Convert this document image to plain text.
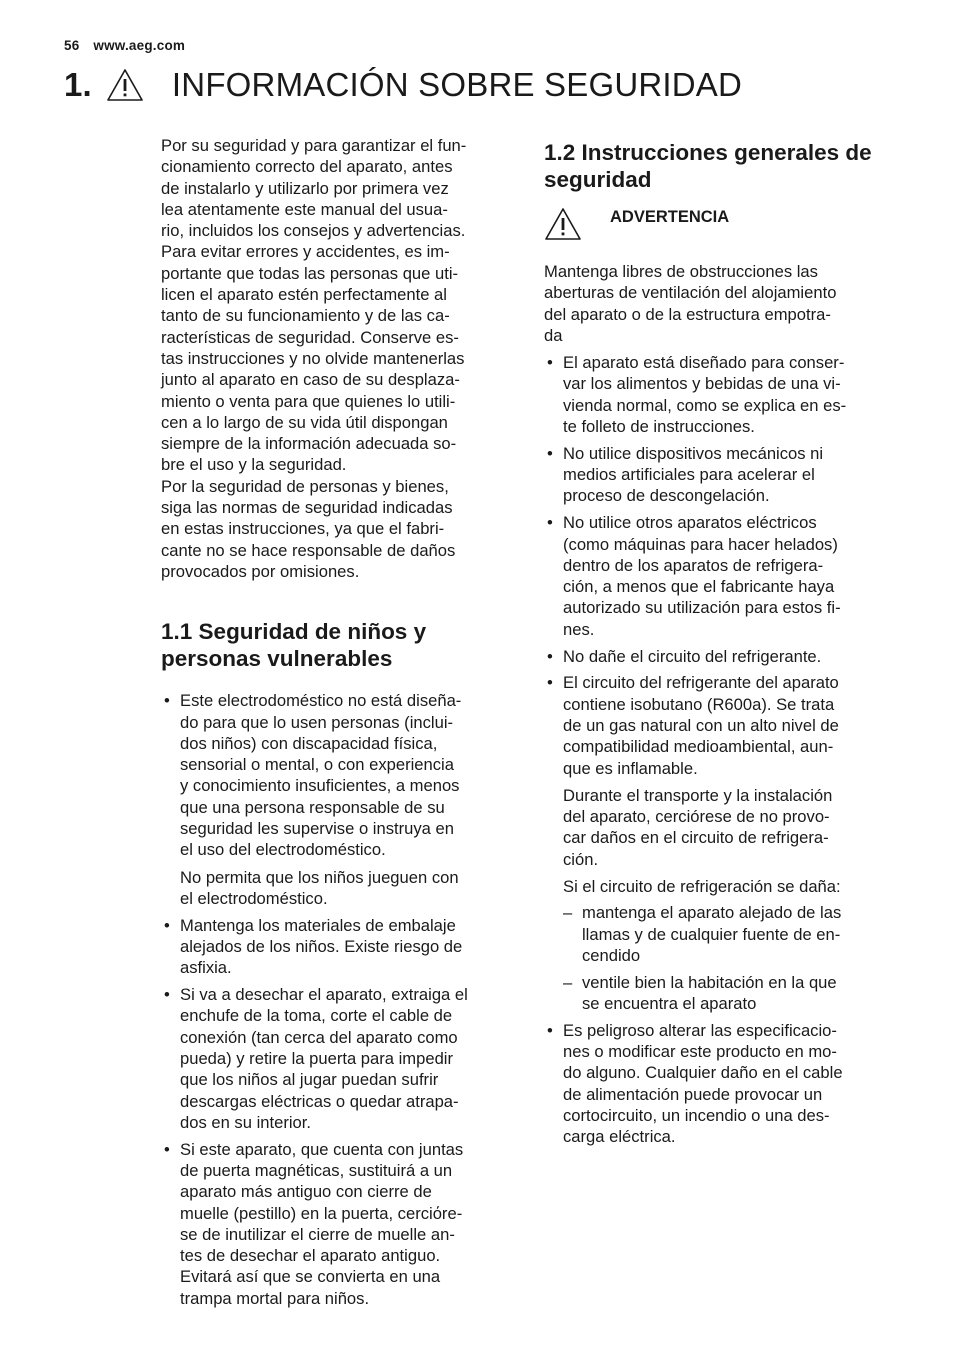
56 www.aeg.com
1. INFORMACIÓN SOBRE SEGURIDAD

Por su seguridad y para garantizar el fun-
cionamiento correcto del aparato, antes
de instalarlo y utilizarlo por primera vez
lea atentamente este manual del usua-
rio, incluidos los consejos y advertencias.
Para evitar errores y accidentes, es im-
portante que todas las personas que uti-
licen el aparato estén perfectamente al
tanto de su funcionamiento y de las ca-
racterísticas de seguridad. Conserve es-
tas instrucciones y no olvide mantenerlas
junto al aparato en caso de su desplaza-
miento o venta para que quienes lo utili-
cen a lo largo de su vida útil dispongan
siempre de la información adecuada so-
bre el uso y la seguridad.

Por la seguridad de personas y bienes,
siga las normas de seguridad indicadas
en estas instrucciones, ya que el fabri-
cante no se hace responsable de daños
provocados por omisiones.

1.1 Seguridad de niños y
personas vulnerables
• Este electrodoméstico no está diseña-
do para que lo usen personas (inclui-
dos niños) con discapacidad física,
sensorial o mental, o con experiencia
y conocimiento insuficientes, a menos
que una persona responsable de su
seguridad les supervise o instruya en
el uso del electrodoméstico.
No permita que los niños jueguen con
el electrodoméstico.
• Mantenga los materiales de embalaje
alejados de los niños. Existe riesgo de
asfixia.
• Si va a desechar el aparato, extraiga el
enchufe de la toma, corte el cable de
conexión (tan cerca del aparato como
pueda) y retire la puerta para impedir
que los niños al jugar puedan sufrir
descargas eléctricas o quedar atrapa-
dos en su interior.
• Si este aparato, que cuenta con juntas
de puerta magnéticas, sustituirá a un
aparato más antiguo con cierre de
muelle (pestillo) en la puerta, cerciόre-
se de inutilizar el cierre de muelle an-
tes de desechar el aparato antiguo.
Evitará así que se convierta en una
trampa mortal para niños.
1.2 Instrucciones generales de
seguridad
ADVERTENCIA

Mantenga libres de obstrucciones las
aberturas de ventilación del alojamiento
del aparato o de la estructura empotra-
da

• El aparato está diseñado para conser-
var los alimentos y bebidas de una vi-
vienda normal, como se explica en es-
te folleto de instrucciones.
• No utilice dispositivos mecánicos ni
medios artificiales para acelerar el
proceso de descongelación.
• No utilice otros aparatos eléctricos
(como máquinas para hacer helados)
dentro de los aparatos de refrigera-
ción, a menos que el fabricante haya
autorizado su utilización para estos fi-
nes.
• No dañe el circuito del refrigerante.
• El circuito del refrigerante del aparato
contiene isobutano (R600a). Se trata
de un gas natural con un alto nivel de
compatibilidad medioambiental, aun-
que es inflamable.
Durante el transporte y la instalación
del aparato, cerciórese de no provo-
car daños en el circuito de refrigera-
ción.
Si el circuito de refrigeración se daña:
– mantenga el aparato alejado de las
llamas y de cualquier fuente de en-
cendido
– ventile bien la habitación en la que
se encuentra el aparato
• Es peligroso alterar las especificacio-
nes o modificar este producto en mo-
do alguno. Cualquier daño en el cable
de alimentación puede provocar un
cortocircuito, un incendio o una des-
carga eléctrica.
